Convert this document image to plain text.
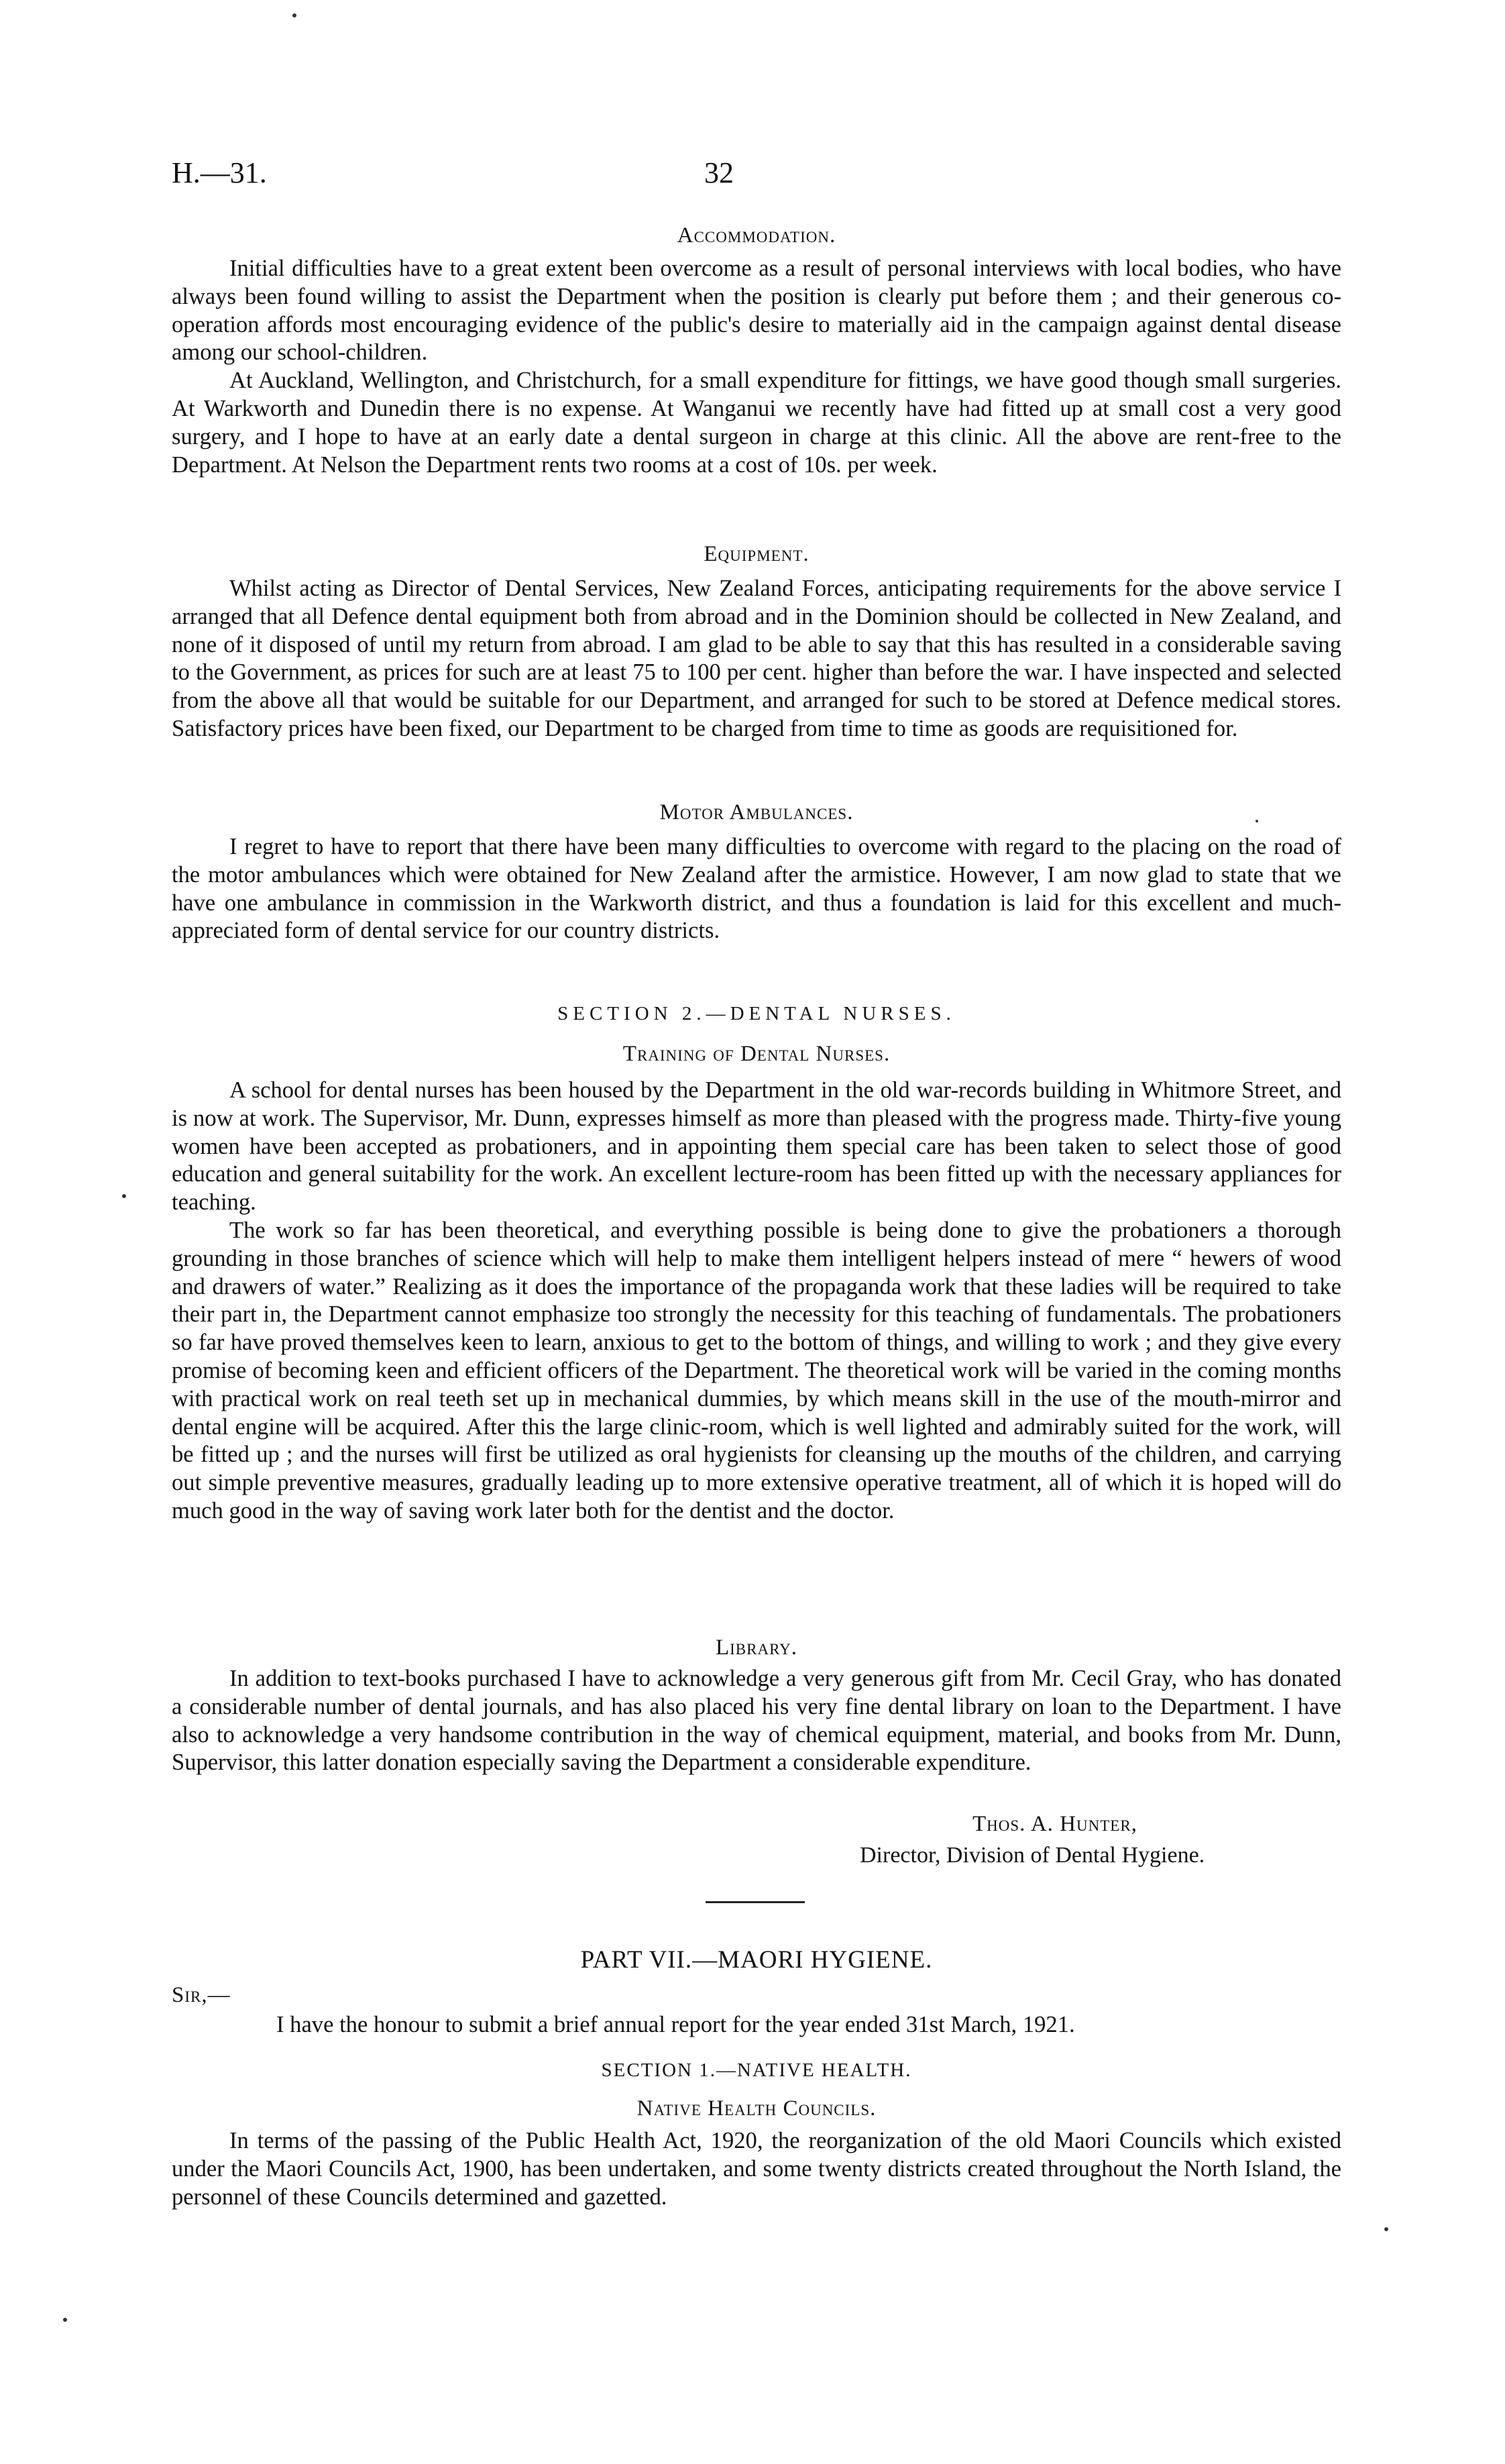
H.—31.	32

Accommodation.

Initial difficulties have to a great extent been overcome as a result of personal interviews with local bodies, who have always been found willing to assist the Department when the position is clearly put before them ; and their generous co-operation affords most encouraging evidence of the public's desire to materially aid in the campaign against dental disease among our school-children.

At Auckland, Wellington, and Christchurch, for a small expenditure for fittings, we have good though small surgeries. At Warkworth and Dunedin there is no expense. At Wanganui we recently have had fitted up at small cost a very good surgery, and I hope to have at an early date a dental surgeon in charge at this clinic. All the above are rent-free to the Department. At Nelson the Department rents two rooms at a cost of 10s. per week.

Equipment.

Whilst acting as Director of Dental Services, New Zealand Forces, anticipating requirements for the above service I arranged that all Defence dental equipment both from abroad and in the Dominion should be collected in New Zealand, and none of it disposed of until my return from abroad. I am glad to be able to say that this has resulted in a considerable saving to the Government, as prices for such are at least 75 to 100 per cent. higher than before the war. I have inspected and selected from the above all that would be suitable for our Department, and arranged for such to be stored at Defence medical stores. Satisfactory prices have been fixed, our Department to be charged from time to time as goods are requisitioned for.

Motor Ambulances.

I regret to have to report that there have been many difficulties to overcome with regard to the placing on the road of the motor ambulances which were obtained for New Zealand after the armistice. However, I am now glad to state that we have one ambulance in commission in the Warkworth district, and thus a foundation is laid for this excellent and much-appreciated form of dental service for our country districts.

SECTION 2.—DENTAL NURSES.

Training of Dental Nurses.

A school for dental nurses has been housed by the Department in the old war-records building in Whitmore Street, and is now at work. The Supervisor, Mr. Dunn, expresses himself as more than pleased with the progress made. Thirty-five young women have been accepted as probationers, and in appointing them special care has been taken to select those of good education and general suitability for the work. An excellent lecture-room has been fitted up with the necessary appliances for teaching.

The work so far has been theoretical, and everything possible is being done to give the probationers a thorough grounding in those branches of science which will help to make them intelligent helpers instead of mere “ hewers of wood and drawers of water.” Realizing as it does the importance of the propaganda work that these ladies will be required to take their part in, the Department cannot emphasize too strongly the necessity for this teaching of fundamentals. The probationers so far have proved themselves keen to learn, anxious to get to the bottom of things, and willing to work ; and they give every promise of becoming keen and efficient officers of the Department. The theoretical work will be varied in the coming months with practical work on real teeth set up in mechanical dummies, by which means skill in the use of the mouth-mirror and dental engine will be acquired. After this the large clinic-room, which is well lighted and admirably suited for the work, will be fitted up ; and the nurses will first be utilized as oral hygienists for cleansing up the mouths of the children, and carrying out simple preventive measures, gradually leading up to more extensive operative treatment, all of which it is hoped will do much good in the way of saving work later both for the dentist and the doctor.

Library.

In addition to text-books purchased I have to acknowledge a very generous gift from Mr. Cecil Gray, who has donated a considerable number of dental journals, and has also placed his very fine dental library on loan to the Department. I have also to acknowledge a very handsome contribution in the way of chemical equipment, material, and books from Mr. Dunn, Supervisor, this latter donation especially saving the Department a considerable expenditure.

Thos. A. Hunter,
Director, Division of Dental Hygiene.

PART VII.—MAORI HYGIENE.

Sir,—

I have the honour to submit a brief annual report for the year ended 31st March, 1921.

SECTION 1.—NATIVE HEALTH.

Native Health Councils.

In terms of the passing of the Public Health Act, 1920, the reorganization of the old Maori Councils which existed under the Maori Councils Act, 1900, has been undertaken, and some twenty districts created throughout the North Island, the personnel of these Councils determined and gazetted.
